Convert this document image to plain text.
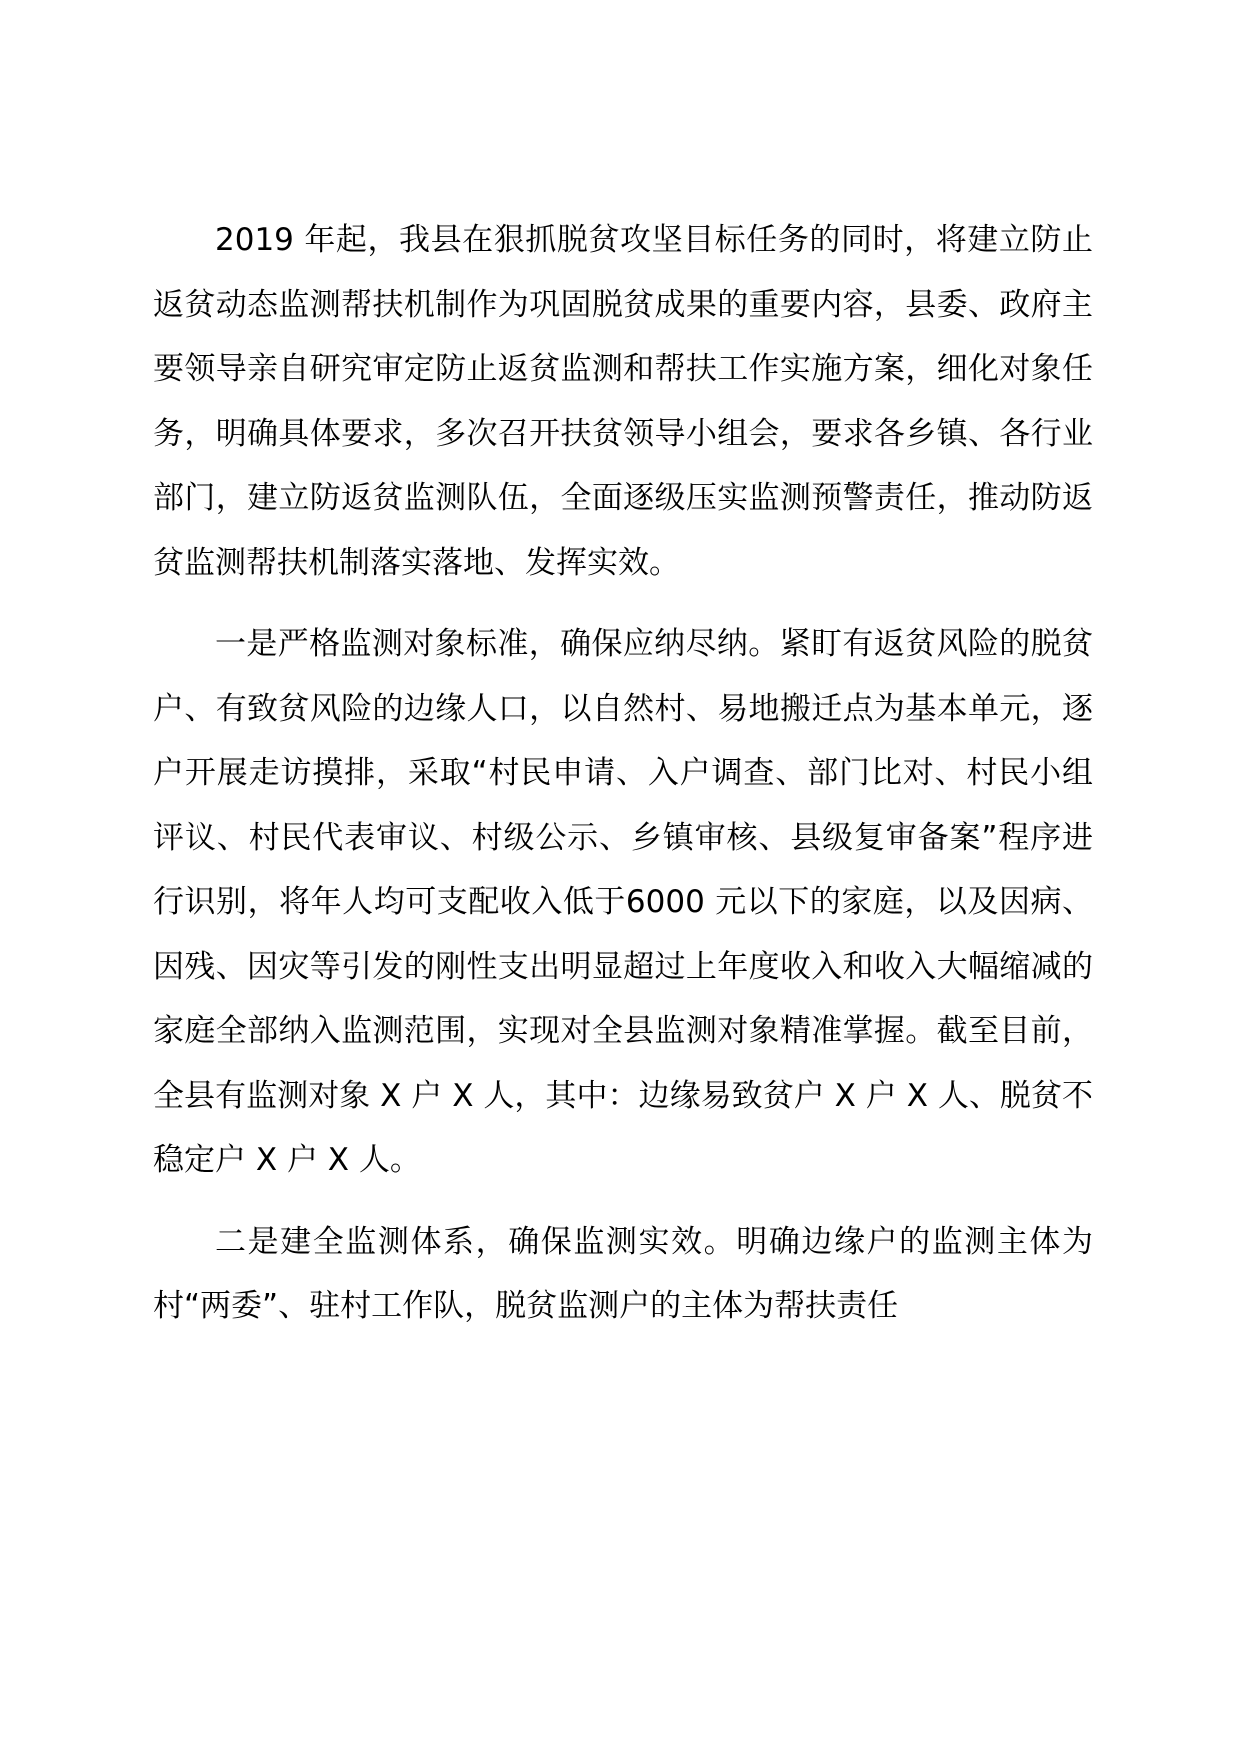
2019 年起，我县在狠抓脱贫攻坚目标任务的同时，将建立防止返贫动态监测帮扶机制作为巩固脱贫成果的重要内容，县委、政府主要领导亲自研究审定防止返贫监测和帮扶工作实施方案，细化对象任务，明确具体要求，多次召开扶贫领导小组会，要求各乡镇、各行业部门，建立防返贫监测队伍，全面逐级压实监测预警责任，推动防返贫监测帮扶机制落实落地、发挥实效。

一是严格监测对象标准，确保应纳尽纳。紧盯有返贫风险的脱贫户、有致贫风险的边缘人口，以自然村、易地搬迁点为基本单元，逐户开展走访摸排，采取“村民申请、入户调查、部门比对、村民小组评议、村民代表审议、村级公示、乡镇审核、县级复审备案”程序进行识别，将年人均可支配收入低于6000 元以下的家庭，以及因病、因残、因灾等引发的刚性支出明显超过上年度收入和收入大幅缩减的家庭全部纳入监测范围，实现对全县监测对象精准掌握。截至目前，全县有监测对象 X 户 X 人，其中：边缘易致贫户 X 户 X 人、脱贫不稳定户 X 户 X 人。

二是建全监测体系，确保监测实效。明确边缘户的监测主体为村“两委”、驻村工作队，脱贫监测户的主体为帮扶责任
